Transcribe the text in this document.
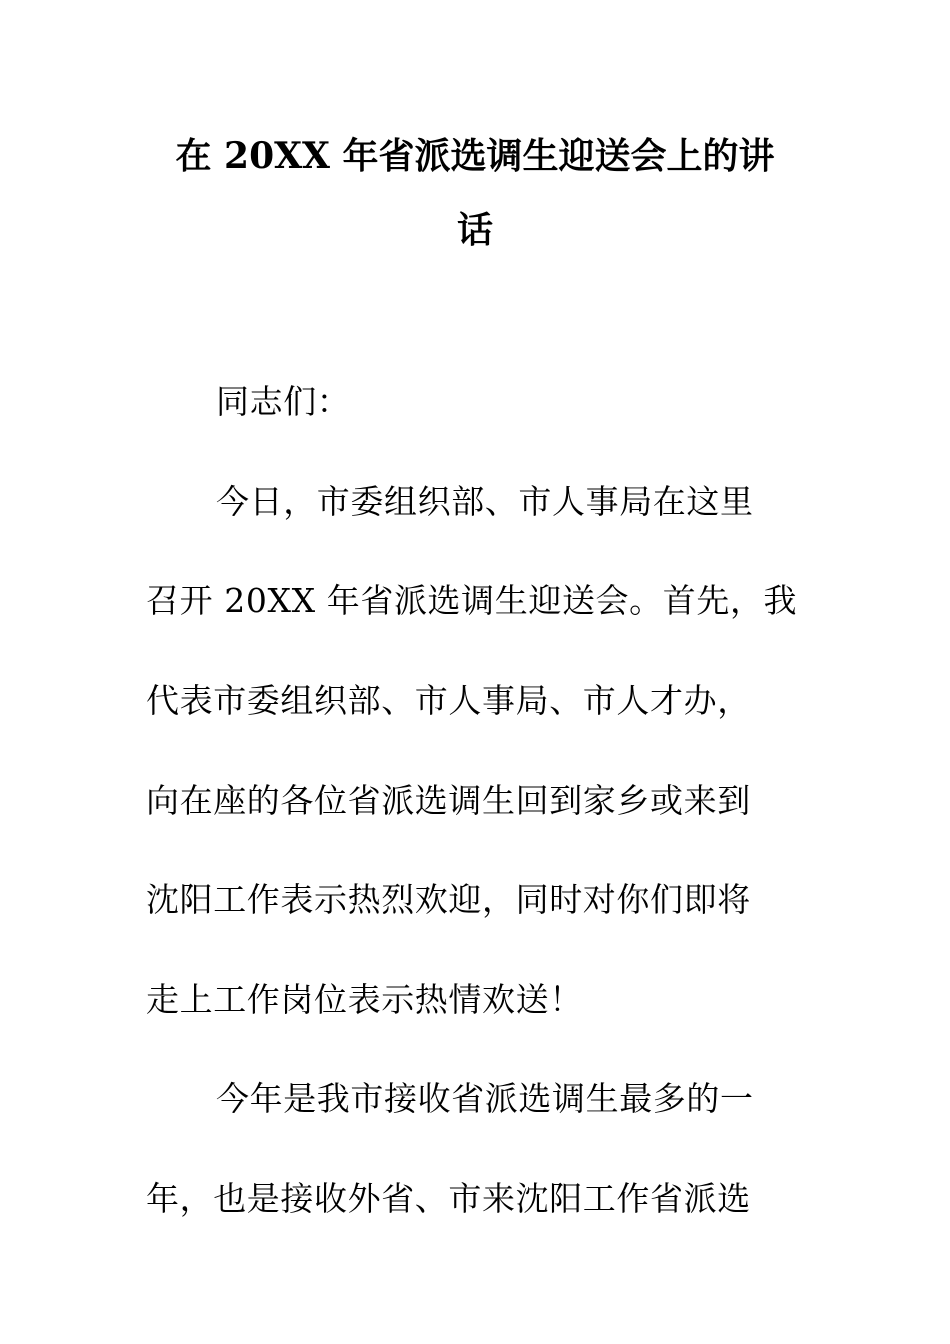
在 20XX 年省派选调生迎送会上的讲
话
同志们：
今日，市委组织部、市人事局在这里
召开 20XX 年省派选调生迎送会。首先，我
代表市委组织部、市人事局、市人才办，
向在座的各位省派选调生回到家乡或来到
沈阳工作表示热烈欢迎，同时对你们即将
走上工作岗位表示热情欢送！
今年是我市接收省派选调生最多的一
年，也是接收外省、市来沈阳工作省派选
